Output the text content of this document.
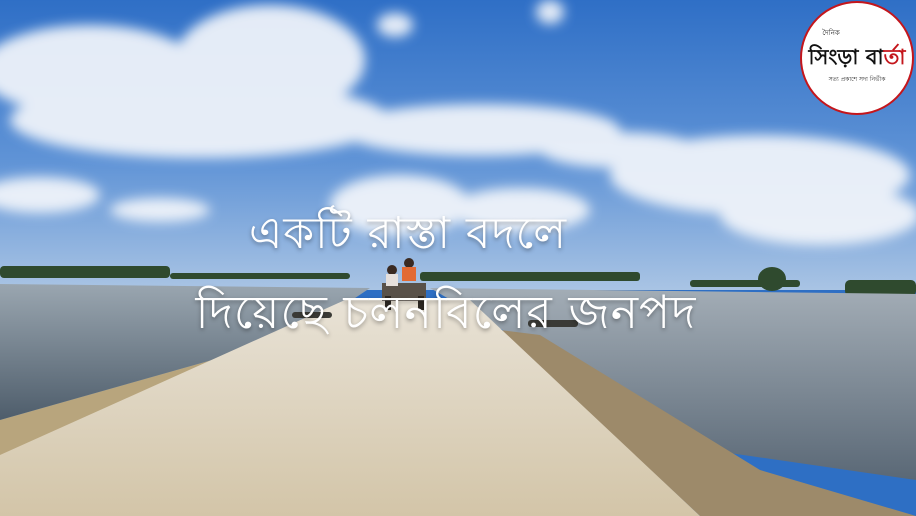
একটি রাস্তা বদলে
দিয়েছে চলনবিলের জনপদ
দৈনিক
সিংড়া বার্তা
সত্য প্রকাশে সদা নির্ভীক
